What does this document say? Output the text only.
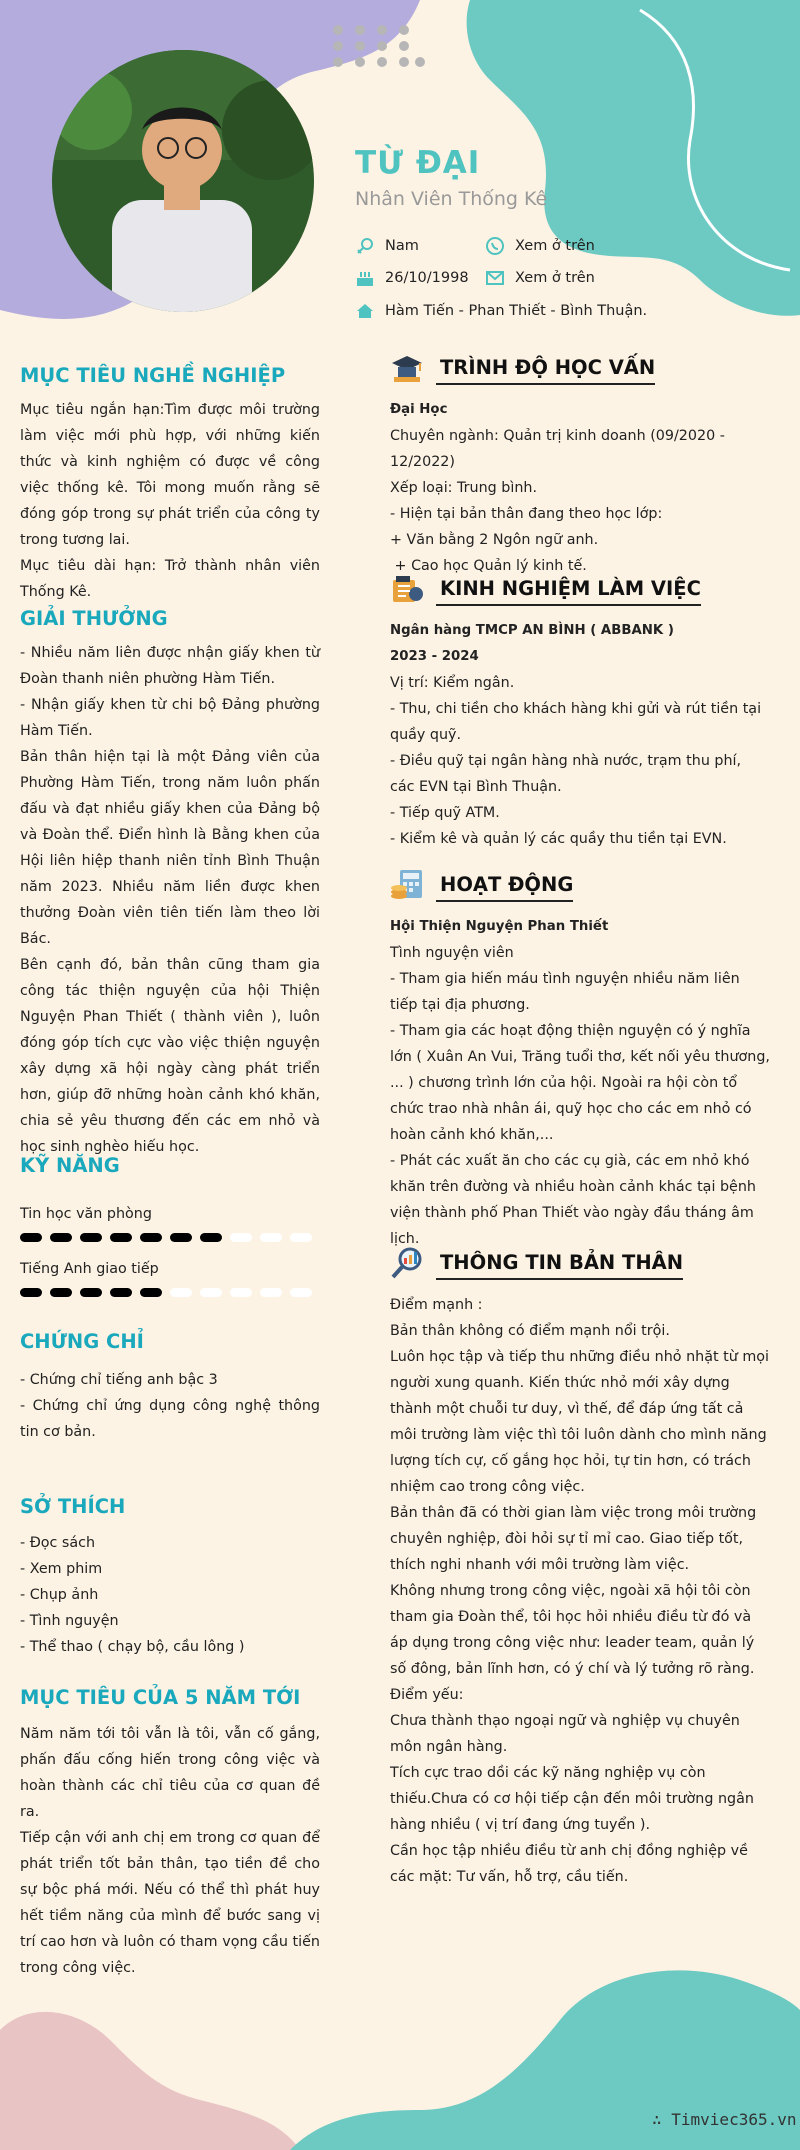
TỪ ĐẠI
Nhân Viên Thống Kê
Nam	Xem ở trên
26/10/1998	Xem ở trên
Hàm Tiến - Phan Thiết - Bình Thuận.
MỤC TIÊU NGHỀ NGHIỆP

Mục tiêu ngắn hạn:Tìm được môi trường làm việc mới phù hợp, với những kiến thức và kinh nghiệm có được về công việc thống kê. Tôi mong muốn rằng sẽ đóng góp trong sự phát triển của công ty trong tương lai.

Mục tiêu dài hạn: Trở thành nhân viên Thống Kê.

GIẢI THƯỞNG

- Nhiều năm liên được nhận giấy khen từ Đoàn thanh niên phường Hàm Tiến.

- Nhận giấy khen từ chi bộ Đảng phường Hàm Tiến.

Bản thân hiện tại là một Đảng viên của Phường Hàm Tiến, trong năm luôn phấn đấu và đạt nhiều giấy khen của Đảng bộ và Đoàn thể. Điển hình là Bằng khen của Hội liên hiệp thanh niên tỉnh Bình Thuận năm 2023. Nhiều năm liền được khen thưởng Đoàn viên tiên tiến làm theo lời Bác.

Bên cạnh đó, bản thân cũng tham gia công tác thiện nguyện của hội Thiện Nguyện Phan Thiết ( thành viên ), luôn đóng góp tích cực vào việc thiện nguyện xây dựng xã hội ngày càng phát triển hơn, giúp đỡ những hoàn cảnh khó khăn, chia sẻ yêu thương đến các em nhỏ và học sinh nghèo hiếu học.

KỸ NĂNG

Tin học văn phòng

Tiếng Anh giao tiếp

CHỨNG CHỈ

- Chứng chỉ tiếng anh bậc 3

- Chứng chỉ ứng dụng công nghệ thông tin cơ bản.

SỞ THÍCH

- Đọc sách

- Xem phim

- Chụp ảnh

- Tình nguyện

- Thể thao ( chạy bộ, cầu lông )

MỤC TIÊU CỦA 5 NĂM TỚI

Năm năm tới tôi vẫn là tôi, vẫn cố gắng, phấn đấu cống hiến trong công việc và hoàn thành các chỉ tiêu của cơ quan đề ra.

Tiếp cận với anh chị em trong cơ quan để phát triển tốt bản thân, tạo tiền đề cho sự bộc phá mới. Nếu có thể thì phát huy hết tiềm năng của mình để bước sang vị trí cao hơn và luôn có tham vọng cầu tiến trong công việc.

TRÌNH ĐỘ HỌC VẤN

Đại Học

Chuyên ngành: Quản trị kinh doanh (09/2020 - 12/2022)

Xếp loại: Trung bình.

- Hiện tại bản thân đang theo học lớp:

+ Văn bằng 2 Ngôn ngữ anh.

+ Cao học Quản lý kinh tế.

KINH NGHIỆM LÀM VIỆC

Ngân hàng TMCP AN BÌNH ( ABBANK )

2023 - 2024

Vị trí: Kiểm ngân.

- Thu, chi tiền cho khách hàng khi gửi và rút tiền tại quầy quỹ.

- Điều quỹ tại ngân hàng nhà nước, trạm thu phí, các EVN tại Bình Thuận.

- Tiếp quỹ ATM.

- Kiểm kê và quản lý các quầy thu tiền tại EVN.

HOẠT ĐỘNG

Hội Thiện Nguyện Phan Thiết

Tình nguyện viên

- Tham gia hiến máu tình nguyện nhiều năm liên tiếp tại địa phương.

- Tham gia các hoạt động thiện nguyện có ý nghĩa lớn ( Xuân An Vui, Trăng tuổi thơ, kết nối yêu thương, ... ) chương trình lớn của hội. Ngoài ra hội còn tổ chức trao nhà nhân ái, quỹ học cho các em nhỏ có hoàn cảnh khó khăn,...

- Phát các xuất ăn cho các cụ già, các em nhỏ khó khăn trên đường và nhiều hoàn cảnh khác tại bệnh viện thành phố Phan Thiết vào ngày đầu tháng âm lịch.

THÔNG TIN BẢN THÂN

Điểm mạnh :

Bản thân không có điểm mạnh nổi trội.

Luôn học tập và tiếp thu những điều nhỏ nhặt từ mọi người xung quanh. Kiến thức nhỏ mới xây dựng thành một chuỗi tư duy, vì thế, để đáp ứng tất cả môi trường làm việc thì tôi luôn dành cho mình năng lượng tích cự, cố gắng học hỏi, tự tin hơn, có trách nhiệm cao trong công việc.

Bản thân đã có thời gian làm việc trong môi trường chuyên nghiệp, đòi hỏi sự tỉ mỉ cao. Giao tiếp tốt, thích nghi nhanh với môi trường làm việc.

Không nhưng trong công việc, ngoài xã hội tôi còn tham gia Đoàn thể, tôi học hỏi nhiều điều từ đó và áp dụng trong công việc như: leader team, quản lý số đông, bản lĩnh hơn, có ý chí và lý tưởng rõ ràng.

Điểm yếu:

Chưa thành thạo ngoại ngữ và nghiệp vụ chuyên môn ngân hàng.

Tích cực trao dồi các kỹ năng nghiệp vụ còn thiếu.Chưa có cơ hội tiếp cận đến môi trường ngân hàng nhiều ( vị trí đang ứng tuyển ).

Cần học tập nhiều điều từ anh chị đồng nghiệp về các mặt: Tư vấn, hỗ trợ, cầu tiến.

∴ Timviec365.vn
